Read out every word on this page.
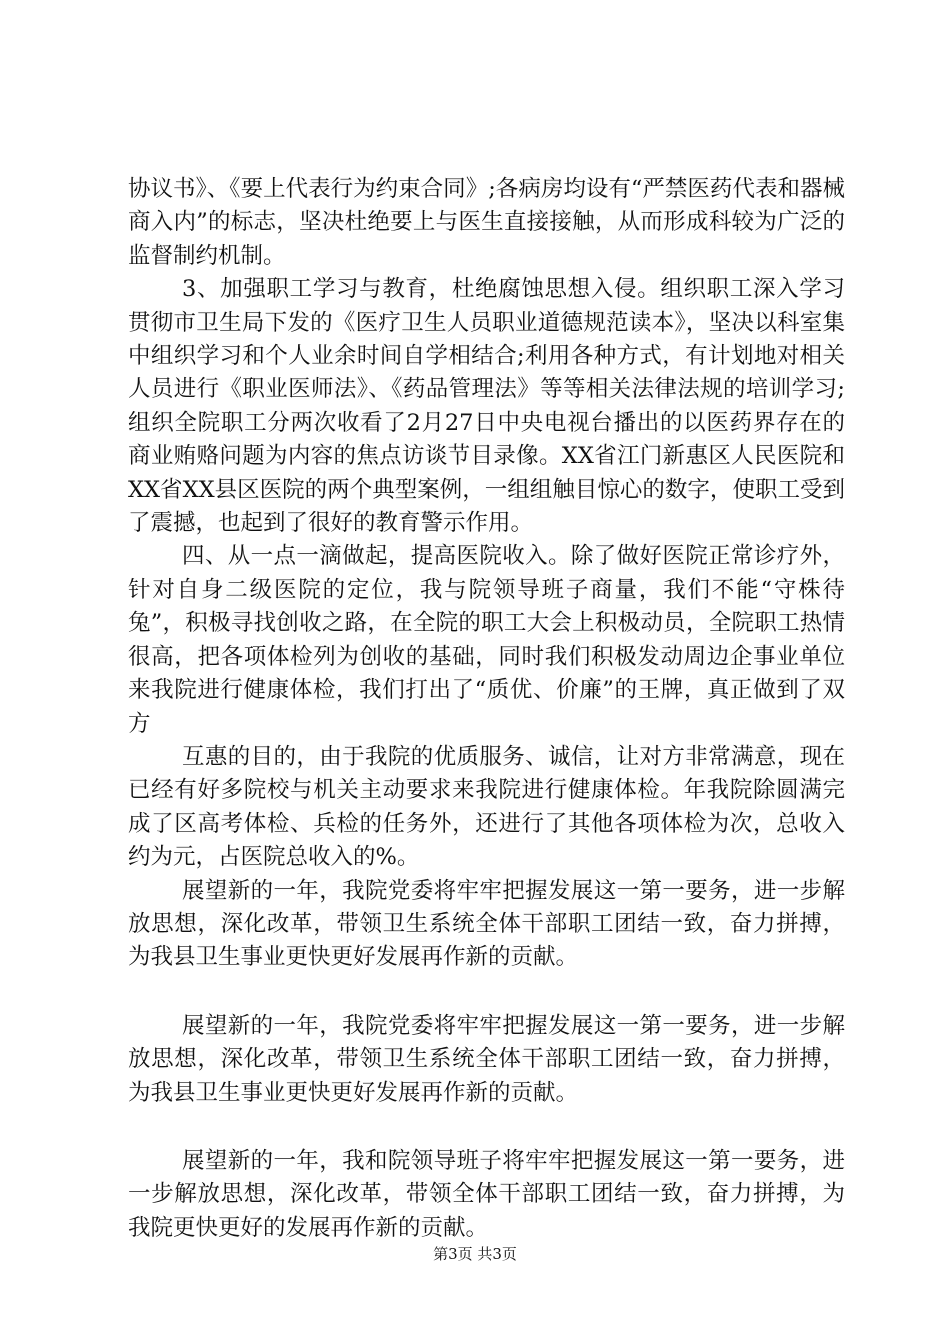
协议书》、《要上代表行为约束合同》;各病房均设有“严禁医药代表和器械商入内”的标志，坚决杜绝要上与医生直接接触，从而形成科较为广泛的监督制约机制。

3、加强职工学习与教育，杜绝腐蚀思想入侵。组织职工深入学习贯彻市卫生局下发的《医疗卫生人员职业道德规范读本》，坚决以科室集中组织学习和个人业余时间自学相结合;利用各种方式，有计划地对相关人员进行《职业医师法》、《药品管理法》等等相关法律法规的培训学习;组织全院职工分两次收看了2月27日中央电视台播出的以医药界存在的商业贿赂问题为内容的焦点访谈节目录像。XX省江门新惠区人民医院和XX省XX县区医院的两个典型案例，一组组触目惊心的数字，使职工受到了震撼，也起到了很好的教育警示作用。

四、从一点一滴做起，提高医院收入。除了做好医院正常诊疗外，针对自身二级医院的定位，我与院领导班子商量，我们不能“守株待兔”，积极寻找创收之路，在全院的职工大会上积极动员，全院职工热情很高，把各项体检列为创收的基础，同时我们积极发动周边企事业单位来我院进行健康体检，我们打出了“质优、价廉”的王牌，真正做到了双方

互惠的目的，由于我院的优质服务、诚信，让对方非常满意，现在已经有好多院校与机关主动要求来我院进行健康体检。年我院除圆满完成了区高考体检、兵检的任务外，还进行了其他各项体检为次，总收入约为元，占医院总收入的%。

展望新的一年，我院党委将牢牢把握发展这一第一要务，进一步解放思想，深化改革，带领卫生系统全体干部职工团结一致，奋力拼搏，为我县卫生事业更快更好发展再作新的贡献。

展望新的一年，我院党委将牢牢把握发展这一第一要务，进一步解放思想，深化改革，带领卫生系统全体干部职工团结一致，奋力拼搏，为我县卫生事业更快更好发展再作新的贡献。

展望新的一年，我和院领导班子将牢牢把握发展这一第一要务，进一步解放思想，深化改革，带领全体干部职工团结一致，奋力拼搏，为我院更快更好的发展再作新的贡献。

第3页 共3页
